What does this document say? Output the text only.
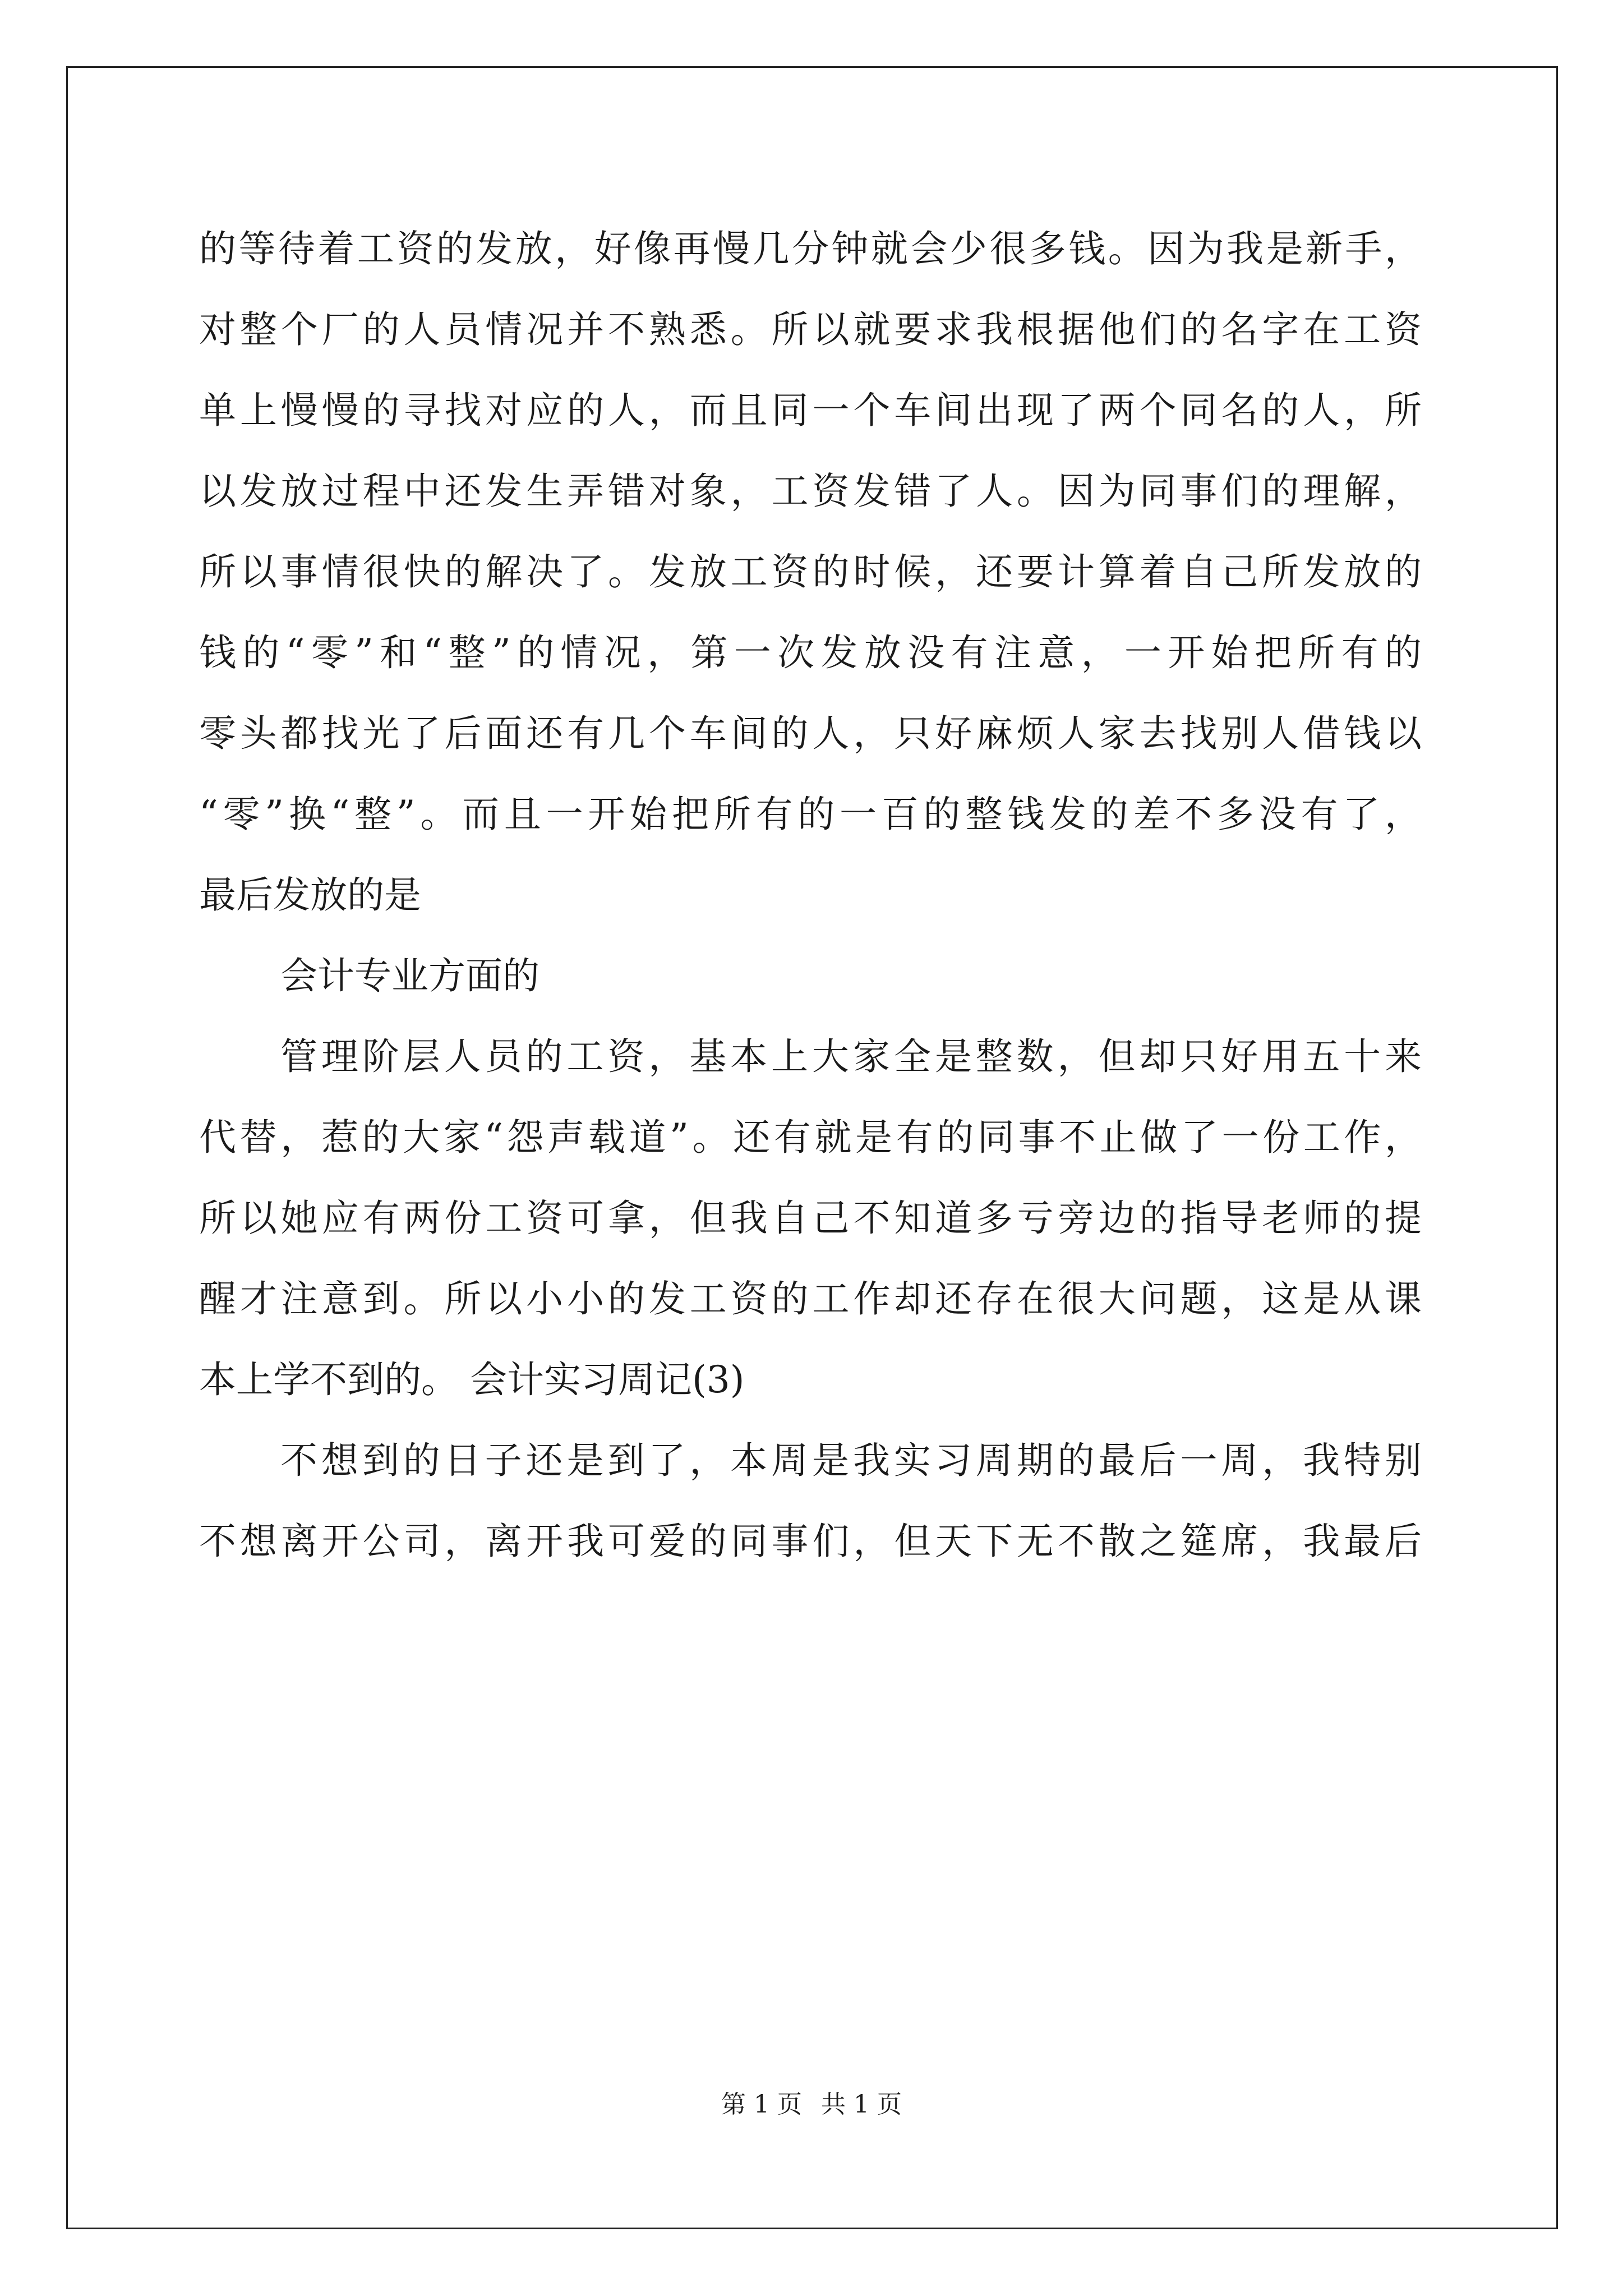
的等待着工资的发放，好像再慢几分钟就会少很多钱。因为我是新手，
对整个厂的人员情况并不熟悉。所以就要求我根据他们的名字在工资
单上慢慢的寻找对应的人，而且同一个车间出现了两个同名的人，所
以发放过程中还发生弄错对象，工资发错了人。因为同事们的理解，
所以事情很快的解决了。发放工资的时候，还要计算着自己所发放的
钱的“零”和“整”的情况，第一次发放没有注意，一开始把所有的
零头都找光了后面还有几个车间的人，只好麻烦人家去找别人借钱以
“零”换“整”。而且一开始把所有的一百的整钱发的差不多没有了，
最后发放的是
会计专业方面的
管理阶层人员的工资，基本上大家全是整数，但却只好用五十来
代替，惹的大家“怨声载道”。还有就是有的同事不止做了一份工作，
所以她应有两份工资可拿，但我自己不知道多亏旁边的指导老师的提
醒才注意到。所以小小的发工资的工作却还存在很大问题，这是从课
本上学不到的。 会计实习周记(3)
不想到的日子还是到了，本周是我实习周期的最后一周，我特别
不想离开公司，离开我可爱的同事们，但天下无不散之筵席，我最后
第 1 页 共 1 页
